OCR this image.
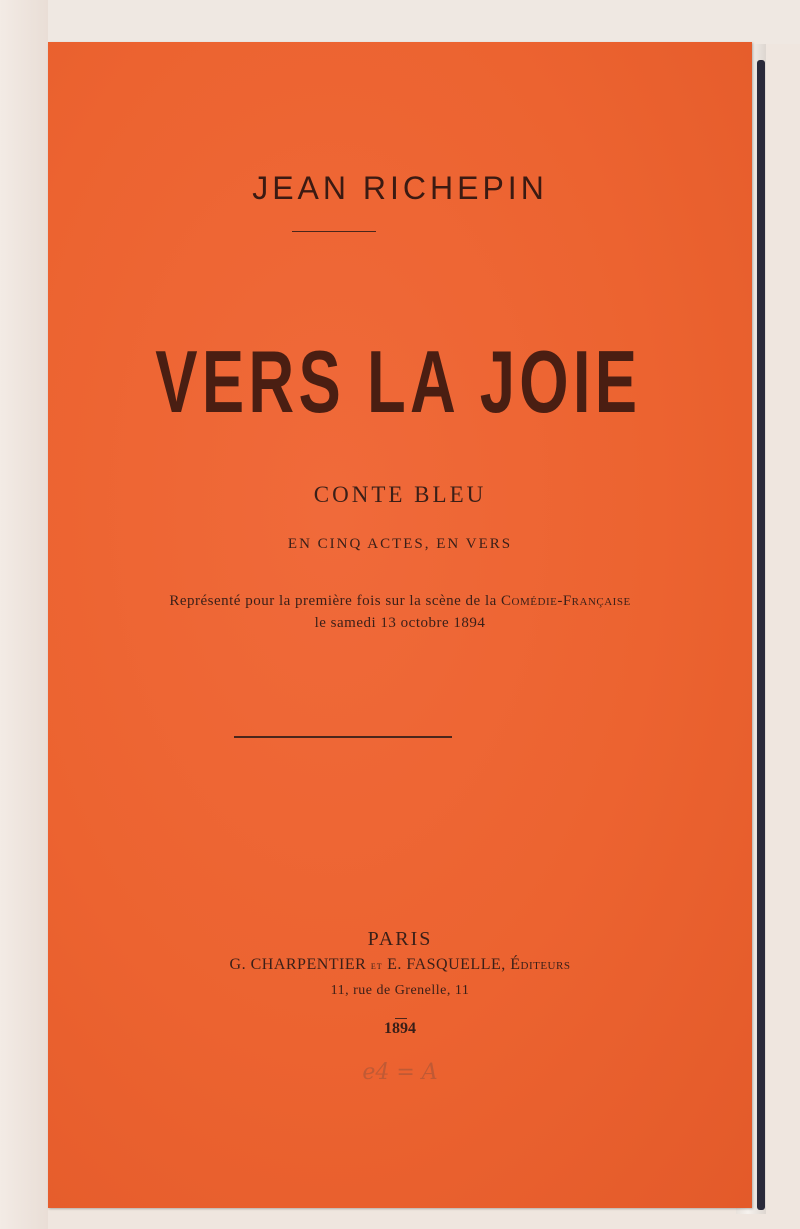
JEAN RICHEPIN
VERS LA JOIE
CONTE BLEU
EN CINQ ACTES, EN VERS
Représenté pour la première fois sur la scène de la Comédie-Française
le samedi 13 octobre 1894
PARIS
G. CHARPENTIER et E. FASQUELLE, Éditeurs
11, rue de Grenelle, 11
1894
e4 = A
